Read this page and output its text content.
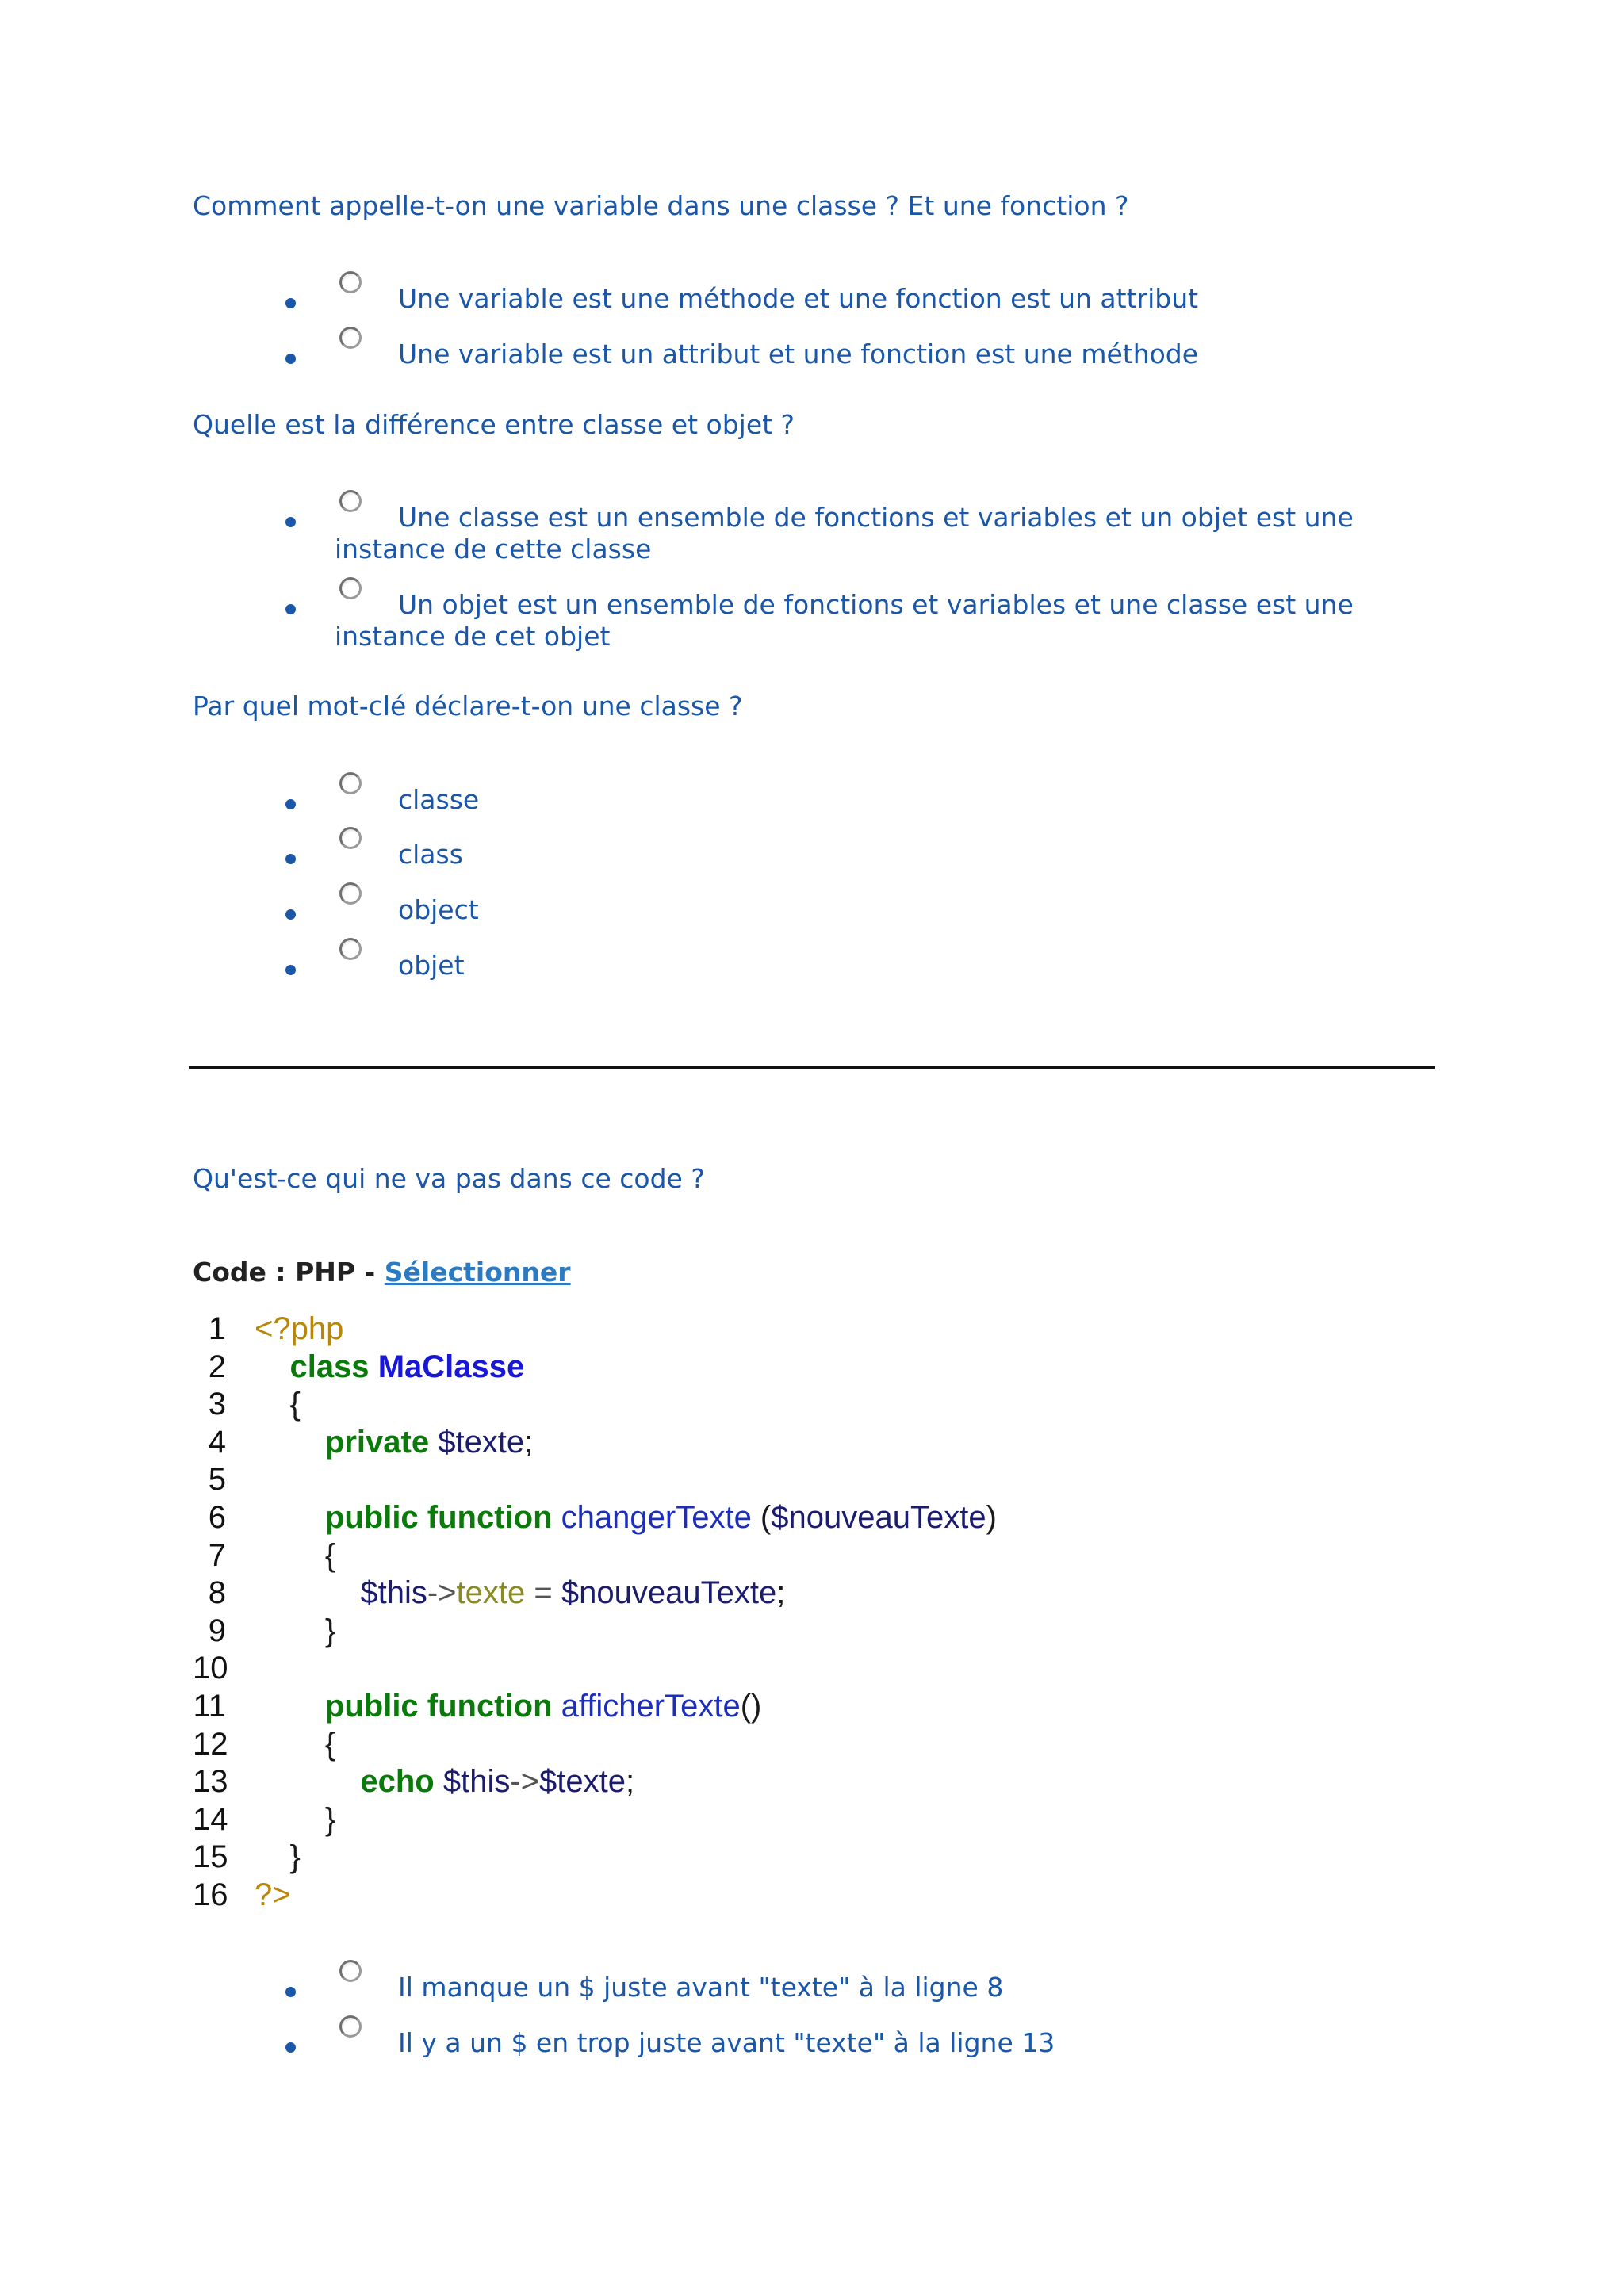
Comment appelle-t-on une variable dans une classe ? Et une fonction ?

Une variable est une méthode et une fonction est un attribut
Une variable est un attribut et une fonction est une méthode

Quelle est la différence entre classe et objet ?

Une classe est un ensemble de fonctions et variables et un objet est une instance de cette classe
Un objet est un ensemble de fonctions et variables et une classe est une instance de cet objet

Par quel mot-clé déclare-t-on une classe ?

classe
class
object
objet

Qu'est-ce qui ne va pas dans ce code ?

Code : PHP - Sélectionner
1 <?php
2	class MaClasse
3 {
4	private $texte;
5
6	public function changerTexte ($nouveauTexte)
7 {
8	$this->texte = $nouveauTexte;
9 }
10
11	public function afficherTexte()
12 {
13	echo $this->$texte;
14 }
15 }
16 ?>
Il manque un $ juste avant "texte" à la ligne 8
Il y a un $ en trop juste avant "texte" à la ligne 13
